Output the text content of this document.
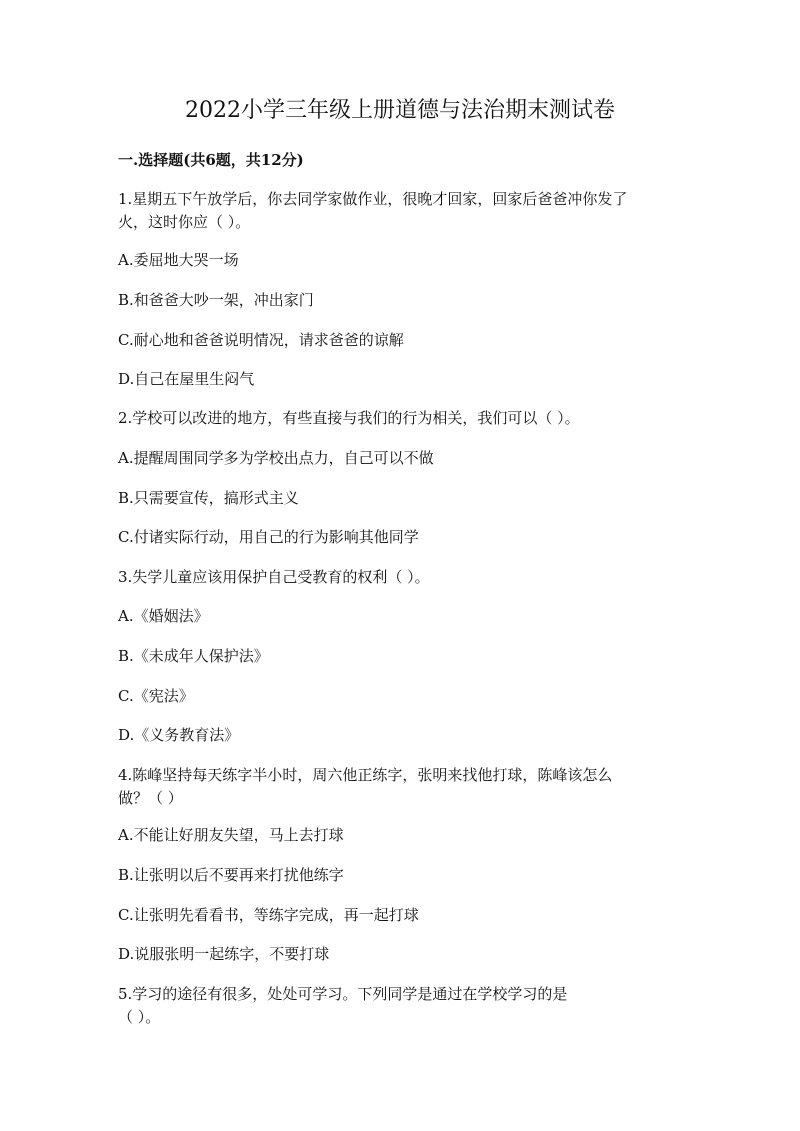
2022小学三年级上册道德与法治期末测试卷
一.选择题(共6题，共12分)
1.星期五下午放学后，你去同学家做作业，很晚才回家，回家后爸爸冲你发了
火，这时你应（ ）。
A.委屈地大哭一场
B.和爸爸大吵一架，冲出家门
C.耐心地和爸爸说明情况，请求爸爸的谅解
D.自己在屋里生闷气
2.学校可以改进的地方，有些直接与我们的行为相关，我们可以（ ）。
A.提醒周围同学多为学校出点力，自己可以不做
B.只需要宣传，搞形式主义
C.付诸实际行动，用自己的行为影响其他同学
3.失学儿童应该用保护自己受教育的权利（ ）。
A.《婚姻法》
B.《未成年人保护法》
C.《宪法》
D.《义务教育法》
4.陈峰坚持每天练字半小时，周六他正练字，张明来找他打球，陈峰该怎么
做？（ ）
A.不能让好朋友失望，马上去打球
B.让张明以后不要再来打扰他练字
C.让张明先看看书，等练字完成，再一起打球
D.说服张明一起练字，不要打球
5.学习的途径有很多，处处可学习。下列同学是通过在学校学习的是
（ ）。
